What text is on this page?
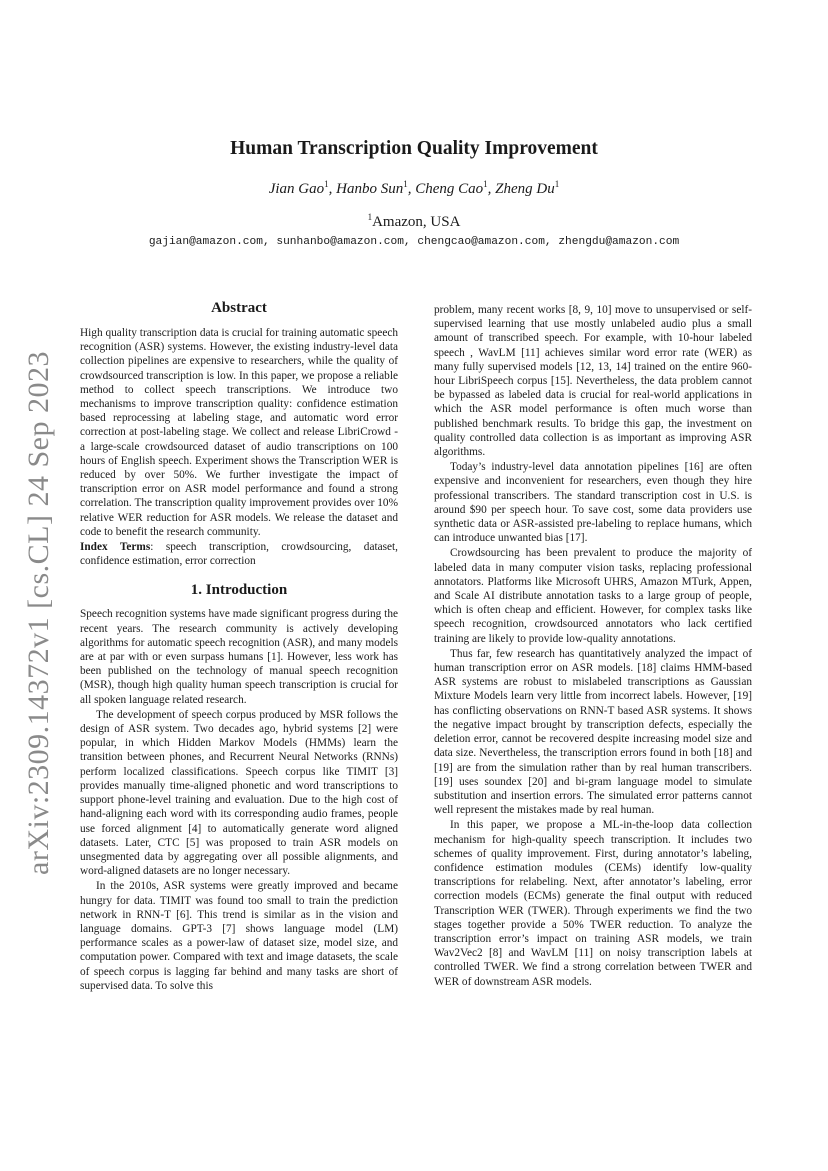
arXiv:2309.14372v1 [cs.CL] 24 Sep 2023
Human Transcription Quality Improvement
Jian Gao$^1$, Hanbo Sun$^1$, Cheng Cao$^1$, Zheng Du$^1$
$^1$Amazon, USA
gajian@amazon.com, sunhanbo@amazon.com, chengcao@amazon.com, zhengdu@amazon.com
Abstract

High quality transcription data is crucial for training automatic speech recognition (ASR) systems. However, the existing industry-level data collection pipelines are expensive to researchers, while the quality of crowdsourced transcription is low. In this paper, we propose a reliable method to collect speech transcriptions. We introduce two mechanisms to improve transcription quality: confidence estimation based reprocessing at labeling stage, and automatic word error correction at post-labeling stage. We collect and release LibriCrowd - a large-scale crowdsourced dataset of audio transcriptions on 100 hours of English speech. Experiment shows the Transcription WER is reduced by over 50%. We further investigate the impact of transcription error on ASR model performance and found a strong correlation. The transcription quality improvement provides over 10% relative WER reduction for ASR models. We release the dataset and code to benefit the research community.

Index Terms: speech transcription, crowdsourcing, dataset, confidence estimation, error correction

1. Introduction

Speech recognition systems have made significant progress during the recent years. The research community is actively developing algorithms for automatic speech recognition (ASR), and many models are at par with or even surpass humans [1]. However, less work has been published on the technology of manual speech recognition (MSR), though high quality human speech transcription is crucial for all spoken language related research.

The development of speech corpus produced by MSR follows the design of ASR system. Two decades ago, hybrid systems [2] were popular, in which Hidden Markov Models (HMMs) learn the transition between phones, and Recurrent Neural Networks (RNNs) perform localized classifications. Speech corpus like TIMIT [3] provides manually time-aligned phonetic and word transcriptions to support phone-level training and evaluation. Due to the high cost of hand-aligning each word with its corresponding audio frames, people use forced alignment [4] to automatically generate word aligned datasets. Later, CTC [5] was proposed to train ASR models on unsegmented data by aggregating over all possible alignments, and word-aligned datasets are no longer necessary.

In the 2010s, ASR systems were greatly improved and became hungry for data. TIMIT was found too small to train the prediction network in RNN-T [6]. This trend is similar as in the vision and language domains. GPT-3 [7] shows language model (LM) performance scales as a power-law of dataset size, model size, and computation power. Compared with text and image datasets, the scale of speech corpus is lagging far behind and many tasks are short of supervised data. To solve this

problem, many recent works [8, 9, 10] move to unsupervised or self-supervised learning that use mostly unlabeled audio plus a small amount of transcribed speech. For example, with 10-hour labeled speech , WavLM [11] achieves similar word error rate (WER) as many fully supervised models [12, 13, 14] trained on the entire 960-hour LibriSpeech corpus [15]. Nevertheless, the data problem cannot be bypassed as labeled data is crucial for real-world applications in which the ASR model performance is often much worse than published benchmark results. To bridge this gap, the investment on quality controlled data collection is as important as improving ASR algorithms.

Today’s industry-level data annotation pipelines [16] are often expensive and inconvenient for researchers, even though they hire professional transcribers. The standard transcription cost in U.S. is around $90 per speech hour. To save cost, some data providers use synthetic data or ASR-assisted pre-labeling to replace humans, which can introduce unwanted bias [17].

Crowdsourcing has been prevalent to produce the majority of labeled data in many computer vision tasks, replacing professional annotators. Platforms like Microsoft UHRS, Amazon MTurk, Appen, and Scale AI distribute annotation tasks to a large group of people, which is often cheap and efficient. However, for complex tasks like speech recognition, crowdsourced annotators who lack certified training are likely to provide low-quality annotations.

Thus far, few research has quantitatively analyzed the impact of human transcription error on ASR models. [18] claims HMM-based ASR systems are robust to mislabeled transcriptions as Gaussian Mixture Models learn very little from incorrect labels. However, [19] has conflicting observations on RNN-T based ASR systems. It shows the negative impact brought by transcription defects, especially the deletion error, cannot be recovered despite increasing model size and data size. Nevertheless, the transcription errors found in both [18] and [19] are from the simulation rather than by real human transcribers. [19] uses soundex [20] and bi-gram language model to simulate substitution and insertion errors. The simulated error patterns cannot well represent the mistakes made by real human.

In this paper, we propose a ML-in-the-loop data collection mechanism for high-quality speech transcription. It includes two schemes of quality improvement. First, during annotator’s labeling, confidence estimation modules (CEMs) identify low-quality transcriptions for relabeling. Next, after annotator’s labeling, error correction models (ECMs) generate the final output with reduced Transcription WER (TWER). Through experiments we find the two stages together provide a 50% TWER reduction. To analyze the transcription error’s impact on training ASR models, we train Wav2Vec2 [8] and WavLM [11] on noisy transcription labels at controlled TWER. We find a strong correlation between TWER and WER of downstream ASR models.
